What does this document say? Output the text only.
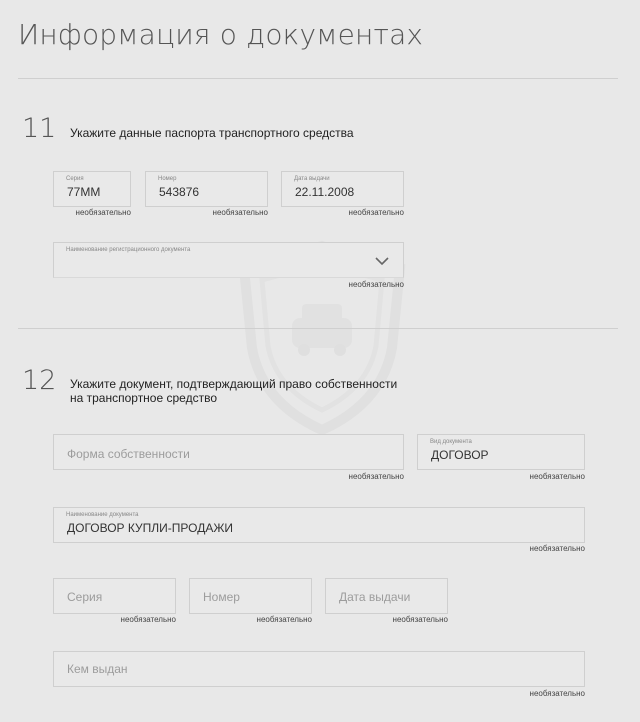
Информация о документах
11 Укажите данные паспорта транспортного средства
Серия
77ММ
необязательно
Номер
543876
необязательно
Дата выдачи
22.11.2008
необязательно
Наименование регистрационного документа
необязательно
12 Укажите документ, подтверждающий право собственности
на транспортное средство
Форма собственности
необязательно
Вид документа
ДОГОВОР
необязательно
Наименование документа
ДОГОВОР КУПЛИ-ПРОДАЖИ
необязательно
Серия
необязательно
Номер
необязательно
Дата выдачи
необязательно
Кем выдан
необязательно
